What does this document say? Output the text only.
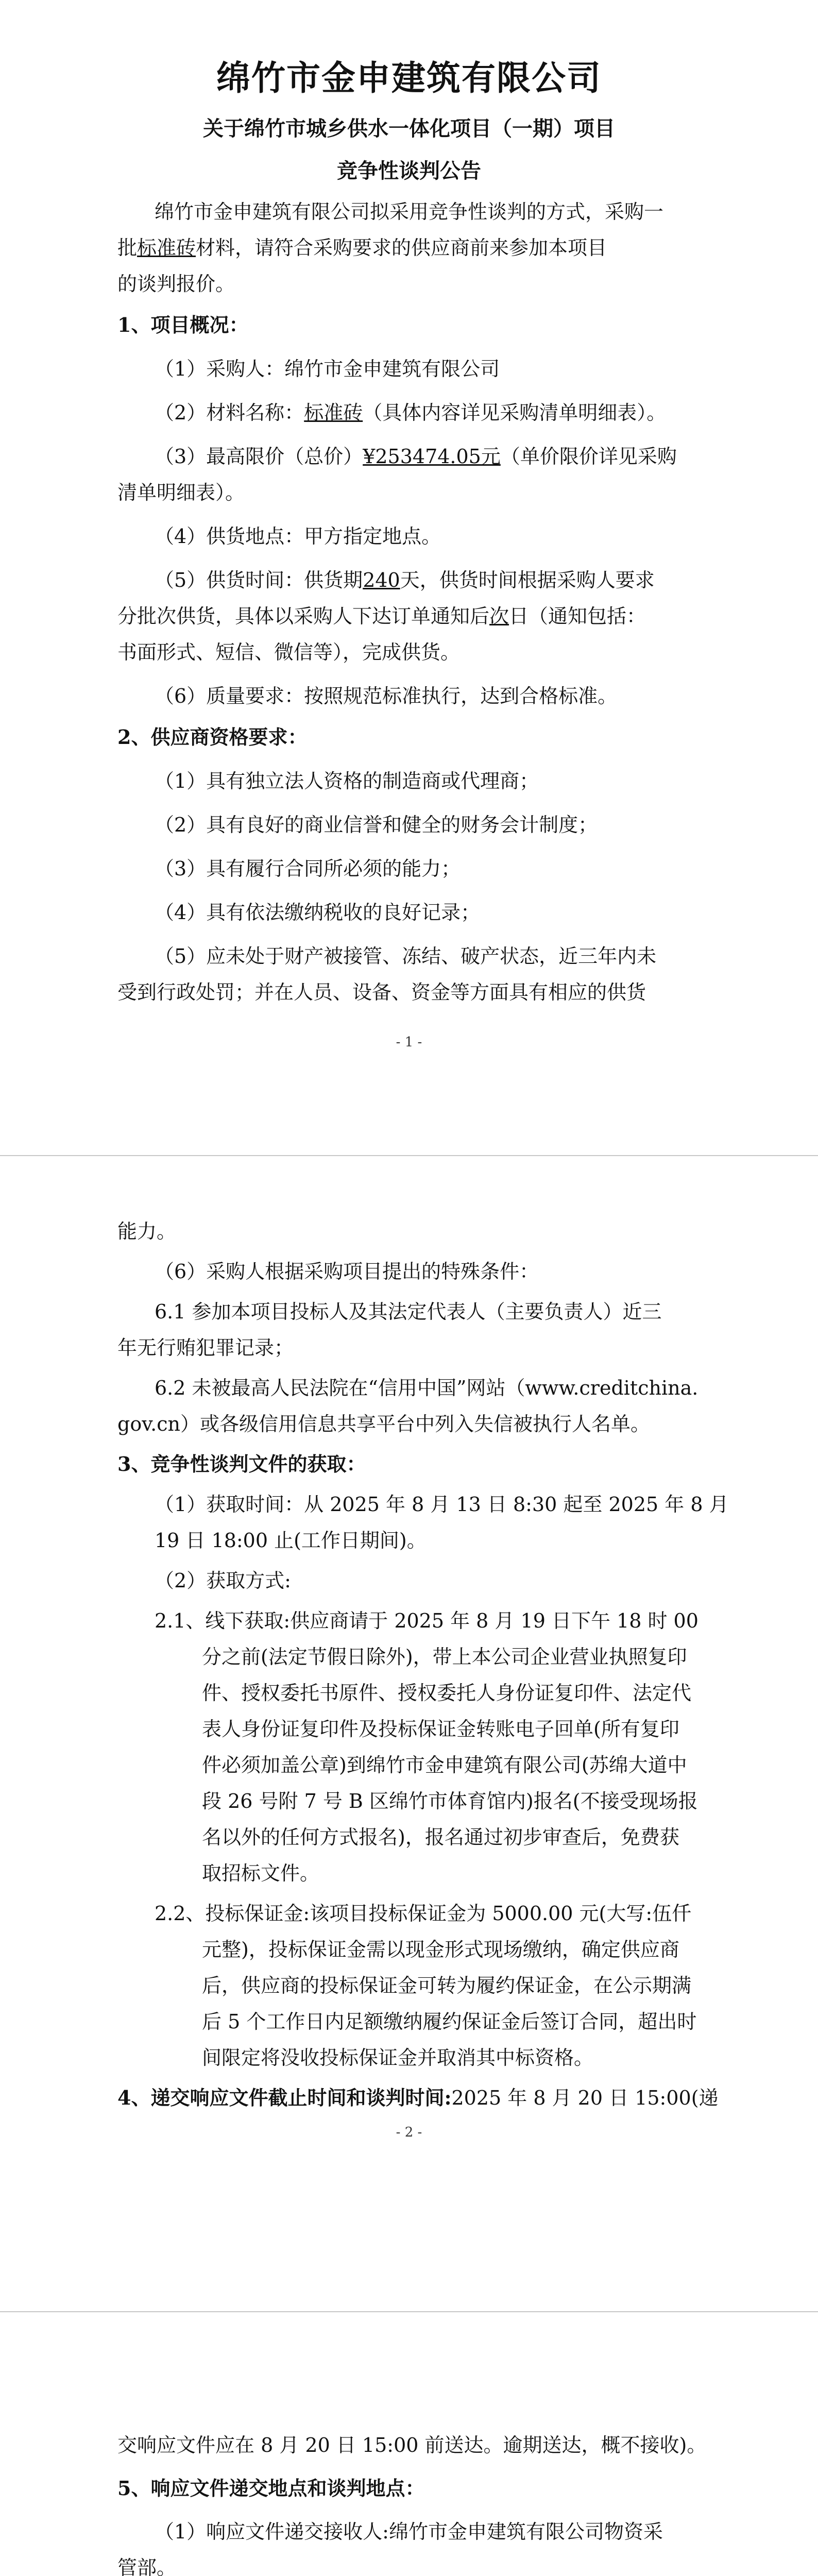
绵竹市金申建筑有限公司
关于绵竹市城乡供水一体化项目（一期）项目
竞争性谈判公告
绵竹市金申建筑有限公司拟采用竞争性谈判的方式，采购一
批标准砖材料，请符合采购要求的供应商前来参加本项目
的谈判报价。
1、项目概况：
（1）采购人：绵竹市金申建筑有限公司
（2）材料名称：标准砖（具体内容详见采购清单明细表）。
（3）最高限价（总价）¥253474.05元（单价限价详见采购
清单明细表）。
（4）供货地点：甲方指定地点。
（5）供货时间：供货期240天，供货时间根据采购人要求
分批次供货，具体以采购人下达订单通知后次日（通知包括：
书面形式、短信、微信等），完成供货。
（6）质量要求：按照规范标准执行，达到合格标准。
2、供应商资格要求：
（1）具有独立法人资格的制造商或代理商；
（2）具有良好的商业信誉和健全的财务会计制度；
（3）具有履行合同所必须的能力；
（4）具有依法缴纳税收的良好记录；
（5）应未处于财产被接管、冻结、破产状态，近三年内未
受到行政处罚；并在人员、设备、资金等方面具有相应的供货
- 1 -
能力。
（6）采购人根据采购项目提出的特殊条件：
6.1 参加本项目投标人及其法定代表人（主要负责人）近三
年无行贿犯罪记录；
6.2 未被最高人民法院在“信用中国”网站（www.creditchina.
gov.cn）或各级信用信息共享平台中列入失信被执行人名单。
3、竞争性谈判文件的获取：
（1）获取时间：从 2025 年 8 月 13 日 8:30 起至 2025 年 8 月
19 日 18:00 止(工作日期间)。
（2）获取方式:
2.1、线下获取:供应商请于 2025 年 8 月 19 日下午 18 时 00
分之前(法定节假日除外)，带上本公司企业营业执照复印
件、授权委托书原件、授权委托人身份证复印件、法定代
表人身份证复印件及投标保证金转账电子回单(所有复印
件必须加盖公章)到绵竹市金申建筑有限公司(苏绵大道中
段 26 号附 7 号 B 区绵竹市体育馆内)报名(不接受现场报
名以外的任何方式报名)，报名通过初步审查后，免费获
取招标文件。
2.2、投标保证金:该项目投标保证金为 5000.00 元(大写:伍仟
元整)，投标保证金需以现金形式现场缴纳，确定供应商
后，供应商的投标保证金可转为履约保证金，在公示期满
后 5 个工作日内足额缴纳履约保证金后签订合同，超出时
间限定将没收投标保证金并取消其中标资格。
4、递交响应文件截止时间和谈判时间:2025 年 8 月 20 日 15:00(递
- 2 -
交响应文件应在 8 月 20 日 15:00 前送达。逾期送达，概不接收)。
5、响应文件递交地点和谈判地点：
（1）响应文件递交接收人:绵竹市金申建筑有限公司物资采
管部。
